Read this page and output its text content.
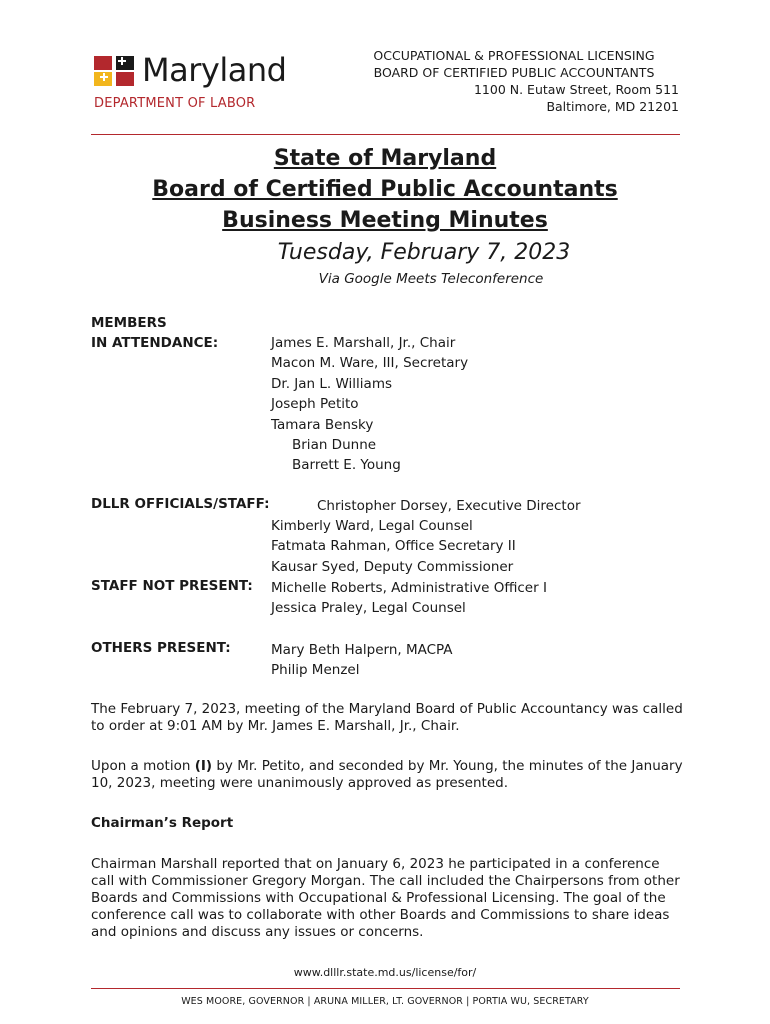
Maryland
DEPARTMENT OF LABOR
OCCUPATIONAL & PROFESSIONAL LICENSING
BOARD OF CERTIFIED PUBLIC ACCOUNTANTS
1100 N. Eutaw Street, Room 511
Baltimore, MD 21201
State of Maryland
Board of Certified Public Accountants
Business Meeting Minutes
Tuesday, February 7, 2023
Via Google Meets Teleconference
MEMBERS
IN ATTENDANCE:	James E. Marshall, Jr., Chair
Macon M. Ware, III, Secretary
Dr. Jan L. Williams
Joseph Petito
Tamara Bensky
Brian Dunne
Barrett E. Young
DLLR OFFICIALS/STAFF:	Christopher Dorsey, Executive Director
Kimberly Ward, Legal Counsel
Fatmata Rahman, Office Secretary II
Kausar Syed, Deputy Commissioner
STAFF NOT PRESENT: Michelle Roberts, Administrative Officer I
Jessica Praley, Legal Counsel
OTHERS PRESENT:	Mary Beth Halpern, MACPA
Philip Menzel
The February 7, 2023, meeting of the Maryland Board of Public Accountancy was called to order at 9:01 AM by Mr. James E. Marshall, Jr., Chair.
Upon a motion (I) by Mr. Petito, and seconded by Mr. Young, the minutes of the January 10, 2023, meeting were unanimously approved as presented.
Chairman’s Report
Chairman Marshall reported that on January 6, 2023 he participated in a conference call with Commissioner Gregory Morgan. The call included the Chairpersons from other Boards and Commissions with Occupational & Professional Licensing. The goal of the conference call was to collaborate with other Boards and Commissions to share ideas and opinions and discuss any issues or concerns.
www.dlllr.state.md.us/license/for/
WES MOORE, GOVERNOR | ARUNA MILLER, LT. GOVERNOR | PORTIA WU, SECRETARY
